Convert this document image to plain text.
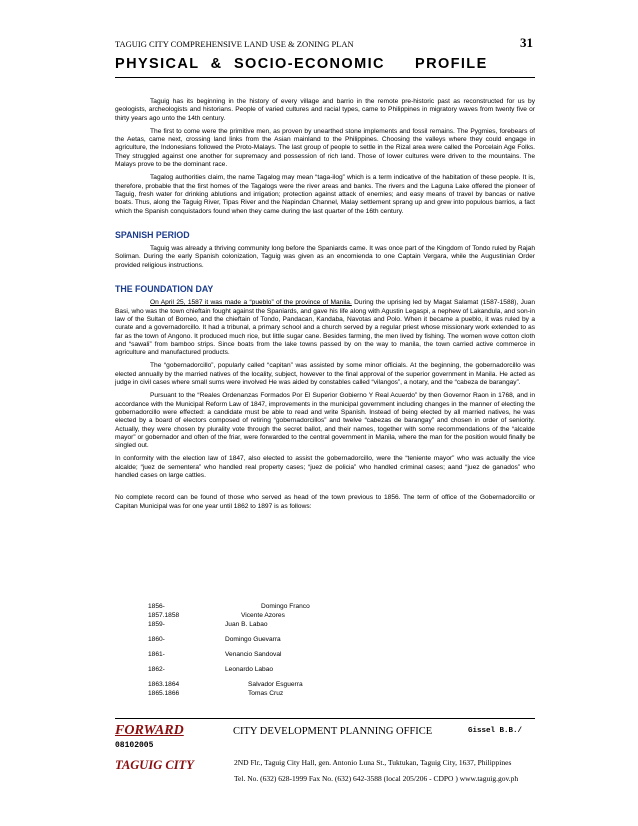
TAGUIG CITY COMPREHENSIVE LAND USE & ZONING PLAN	31
PHYSICAL & SOCIO-ECONOMIC PROFILE

Taguig has its beginning in the history of every village and barrio in the remote pre-historic past as reconstructed for us by geologists, archeologists and historians. People of varied cultures and racial types, came to Philippines in migratory waves from twenty five or thirty years ago unto the 14th century.

The first to come were the primitive men, as proven by unearthed stone implements and fossil remains. The Pygmies, forebears of the Aetas, came next, crossing land links from the Asian mainland to the Philippines. Choosing the valleys where they could engage in agriculture, the Indonesians followed the Proto-Malays. The last group of people to settle in the Rizal area were called the Porcelain Age Folks. They struggled against one another for supremacy and possession of rich land. Those of lower cultures were driven to the mountains. The Malays prove to be the dominant race.

Tagalog authorities claim, the name Tagalog may mean “taga-ilog” which is a term indicative of the habitation of these people. It is, therefore, probable that the first homes of the Tagalogs were the river areas and banks. The rivers and the Laguna Lake offered the pioneer of Taguig, fresh water for drinking ablutions and irrigation; protection against attack of enemies; and easy means of travel by bancas or native boats. Thus, along the Taguig River, Tipas River and the Napindan Channel, Malay settlement sprang up and grew into populous barrios, a fact which the Spanish conquistadors found when they came during the last quarter of the 16th century.

SPANISH PERIOD

Taguig was already a thriving community long before the Spaniards came. It was once part of the Kingdom of Tondo ruled by Rajah Soliman. During the early Spanish colonization, Taguig was given as an encomienda to one Captain Vergara, while the Augustinian Order provided religious instructions.

THE FOUNDATION DAY

On April 25, 1587 it was made a “pueblo” of the province of Manila. During the uprising led by Magat Salamat (1587-1588), Juan Basi, who was the town chieftain fought against the Spaniards, and gave his life along with Agustin Legaspi, a nephew of Lakandula, and son-in law of the Sultan of Borneo, and the chieftain of Tondo, Pandacan, Kandaba, Navotas and Polo. When it became a pueblo, it was ruled by a curate and a governadorcillo. It had a tribunal, a primary school and a church served by a regular priest whose missionary work extended to as far as the town of Angono. It produced much rice, but little sugar cane. Besides farming, the men lived by fishing. The women wove cotton cloth and “sawali” from bamboo strips. Since boats from the lake towns passed by on the way to manila, the town carried active commerce in agriculture and manufactured products.

The “gobernadorcillo”, popularly called “capitan” was assisted by some minor officials. At the beginning, the gobernadorcillo was elected annually by the married natives of the locality, subject, however to the final approval of the superior government in Manila. He acted as judge in civil cases where small sums were involved He was aided by constables called “vilangos”, a notary, and the “cabeza de barangay”.

Pursuant to the “Reales Ordenanzas Formados Por El Superior Gobierno Y Real Acuerdo” by then Governor Raon in 1768, and in accordance with the Municipal Reform Law of 1847, improvements in the municipal government including changes in the manner of electing the gobernadorcillo were effected: a candidate must be able to read and write Spanish. Instead of being elected by all married natives, he was elected by a board of electors composed of retiring “gobernadorcillos” and twelve “cabezas de barangay” and chosen in order of seniority. Actually, they were chosen by plurality vote through the secret ballot, and their names, together with some recommendations of the “alcalde mayor” or gobernador and often of the friar, were forwarded to the central government in Manila, where the man for the position would finally be singled out.

In conformity with the election law of 1847, also elected to assist the gobernadorcillo, were the “teniente mayor” who was actually the vice alcalde; “juez de sementera” who handled real property cases; “juez de policia” who handled criminal cases; aand “juez de ganados” who handled cases on large cattles.

No complete record can be found of those who served as head of the town previous to 1856. The term of office of the Gobernadorcillo or Capitan Municipal was for one year until 1862 to 1897 is as follows:

1856-	Domingo Franco
1857.1858	Vicente Azores
1859-	Juan B. Labao
1860-	Domingo Guevarra
1861-	Venancio Sandoval
1862-	Leonardo Labao
1863.1864	Salvador Esguerra
1865.1866	Tomas Cruz
FORWARD
08102005
TAGUIG CITY
CITY DEVELOPMENT PLANNING OFFICE	Gissel B.B./
2ND Flr., Taguig City Hall, gen. Antonio Luna St., Tuktukan, Taguig City, 1637, Philippines
Tel. No. (632) 628-1999 Fax No. (632) 642-3588 (local 205/206 - CDPO ) www.taguig.gov.ph
